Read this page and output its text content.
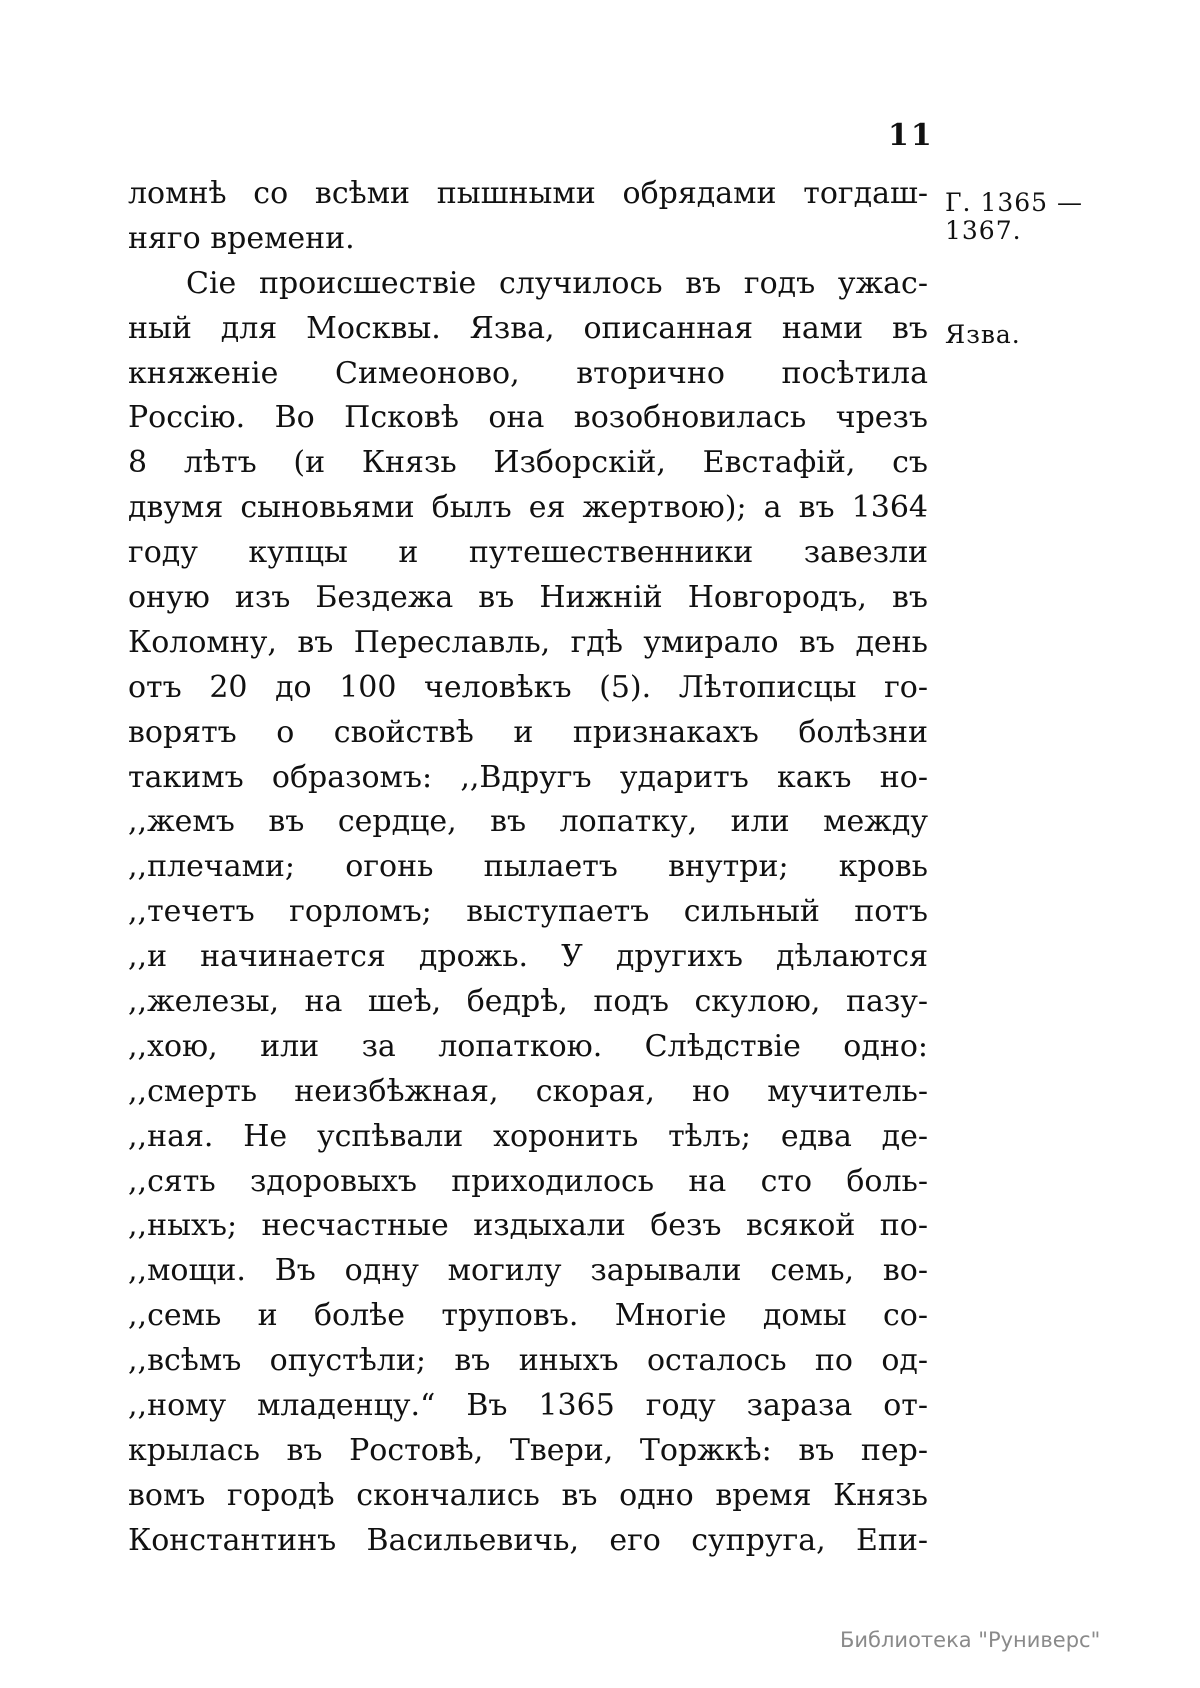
11
Г. 1365 —
1367.
Язва.
ломнѣ со всѣми пышными обрядами тогдаш-
няго времени.
Сіе происшествіе случилось въ годъ ужас-
ный для Москвы. Язва, описанная нами въ
княженіе Симеоново, вторично посѣтила
Россію. Во Псковѣ она возобновилась чрезъ
8 лѣтъ (и Князь Изборскій, Евстафій, съ
двумя сыновьями былъ ея жертвою); а въ 1364
году купцы и путешественники завезли
оную изъ Бездежа въ Нижній Новгородъ, въ
Коломну, въ Переславль, гдѣ умирало въ день
отъ 20 до 100 человѣкъ (5). Лѣтописцы го-
ворятъ о свойствѣ и признакахъ болѣзни
такимъ образомъ: ,,Вдругъ ударитъ какъ но-
,,жемъ въ сердце, въ лопатку, или между
,,плечами; огонь пылаетъ внутри; кровь
,,течетъ горломъ; выступаетъ сильный потъ
,,и начинается дрожь. У другихъ дѣлаются
,,железы, на шеѣ, бедрѣ, подъ скулою, пазу-
,,хою, или за лопаткою. Слѣдствіе одно:
,,смерть неизбѣжная, скорая, но мучитель-
,,ная. Не успѣвали хоронить тѣлъ; едва де-
,,сять здоровыхъ приходилось на сто боль-
,,ныхъ; несчастные издыхали безъ всякой по-
,,мощи. Въ одну могилу зарывали семь, во-
,,семь и болѣе труповъ. Многіе домы со-
,,всѣмъ опустѣли; въ иныхъ осталось по од-
,,ному младенцу.“ Въ 1365 году зараза от-
крылась въ Ростовѣ, Твери, Торжкѣ: въ пер-
вомъ городѣ скончались въ одно время Князь
Константинъ Васильевичь, его супруга, Епи-
Библиотека "Руниверс"
